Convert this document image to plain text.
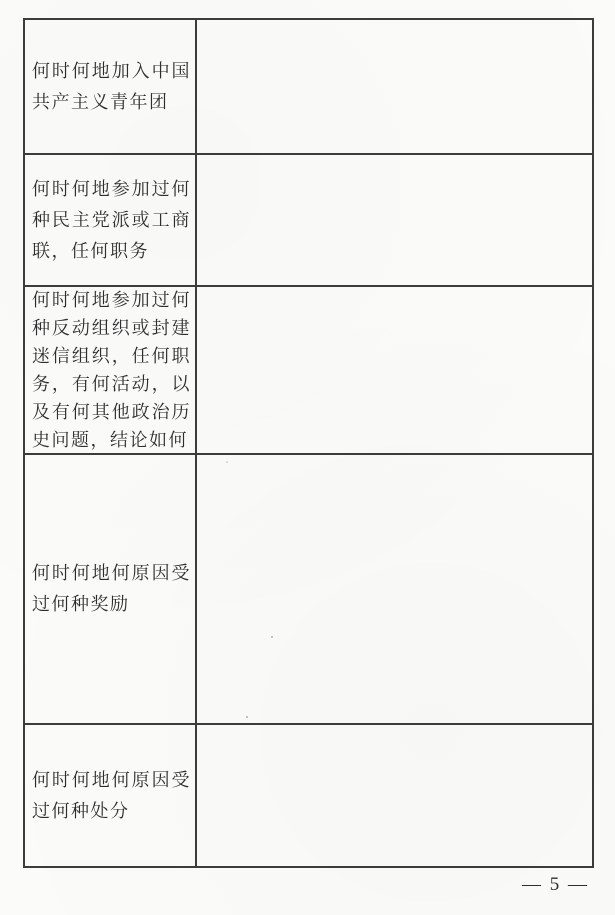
何时何地加入中国共产主义青年团
何时何地参加过何种民主党派或工商联，任何职务
何时何地参加过何种反动组织或封建迷信组织，任何职务，有何活动，以及有何其他政治历史问题，结论如何
何时何地何原因受过何种奖励
何时何地何原因受过何种处分
— 5 —
